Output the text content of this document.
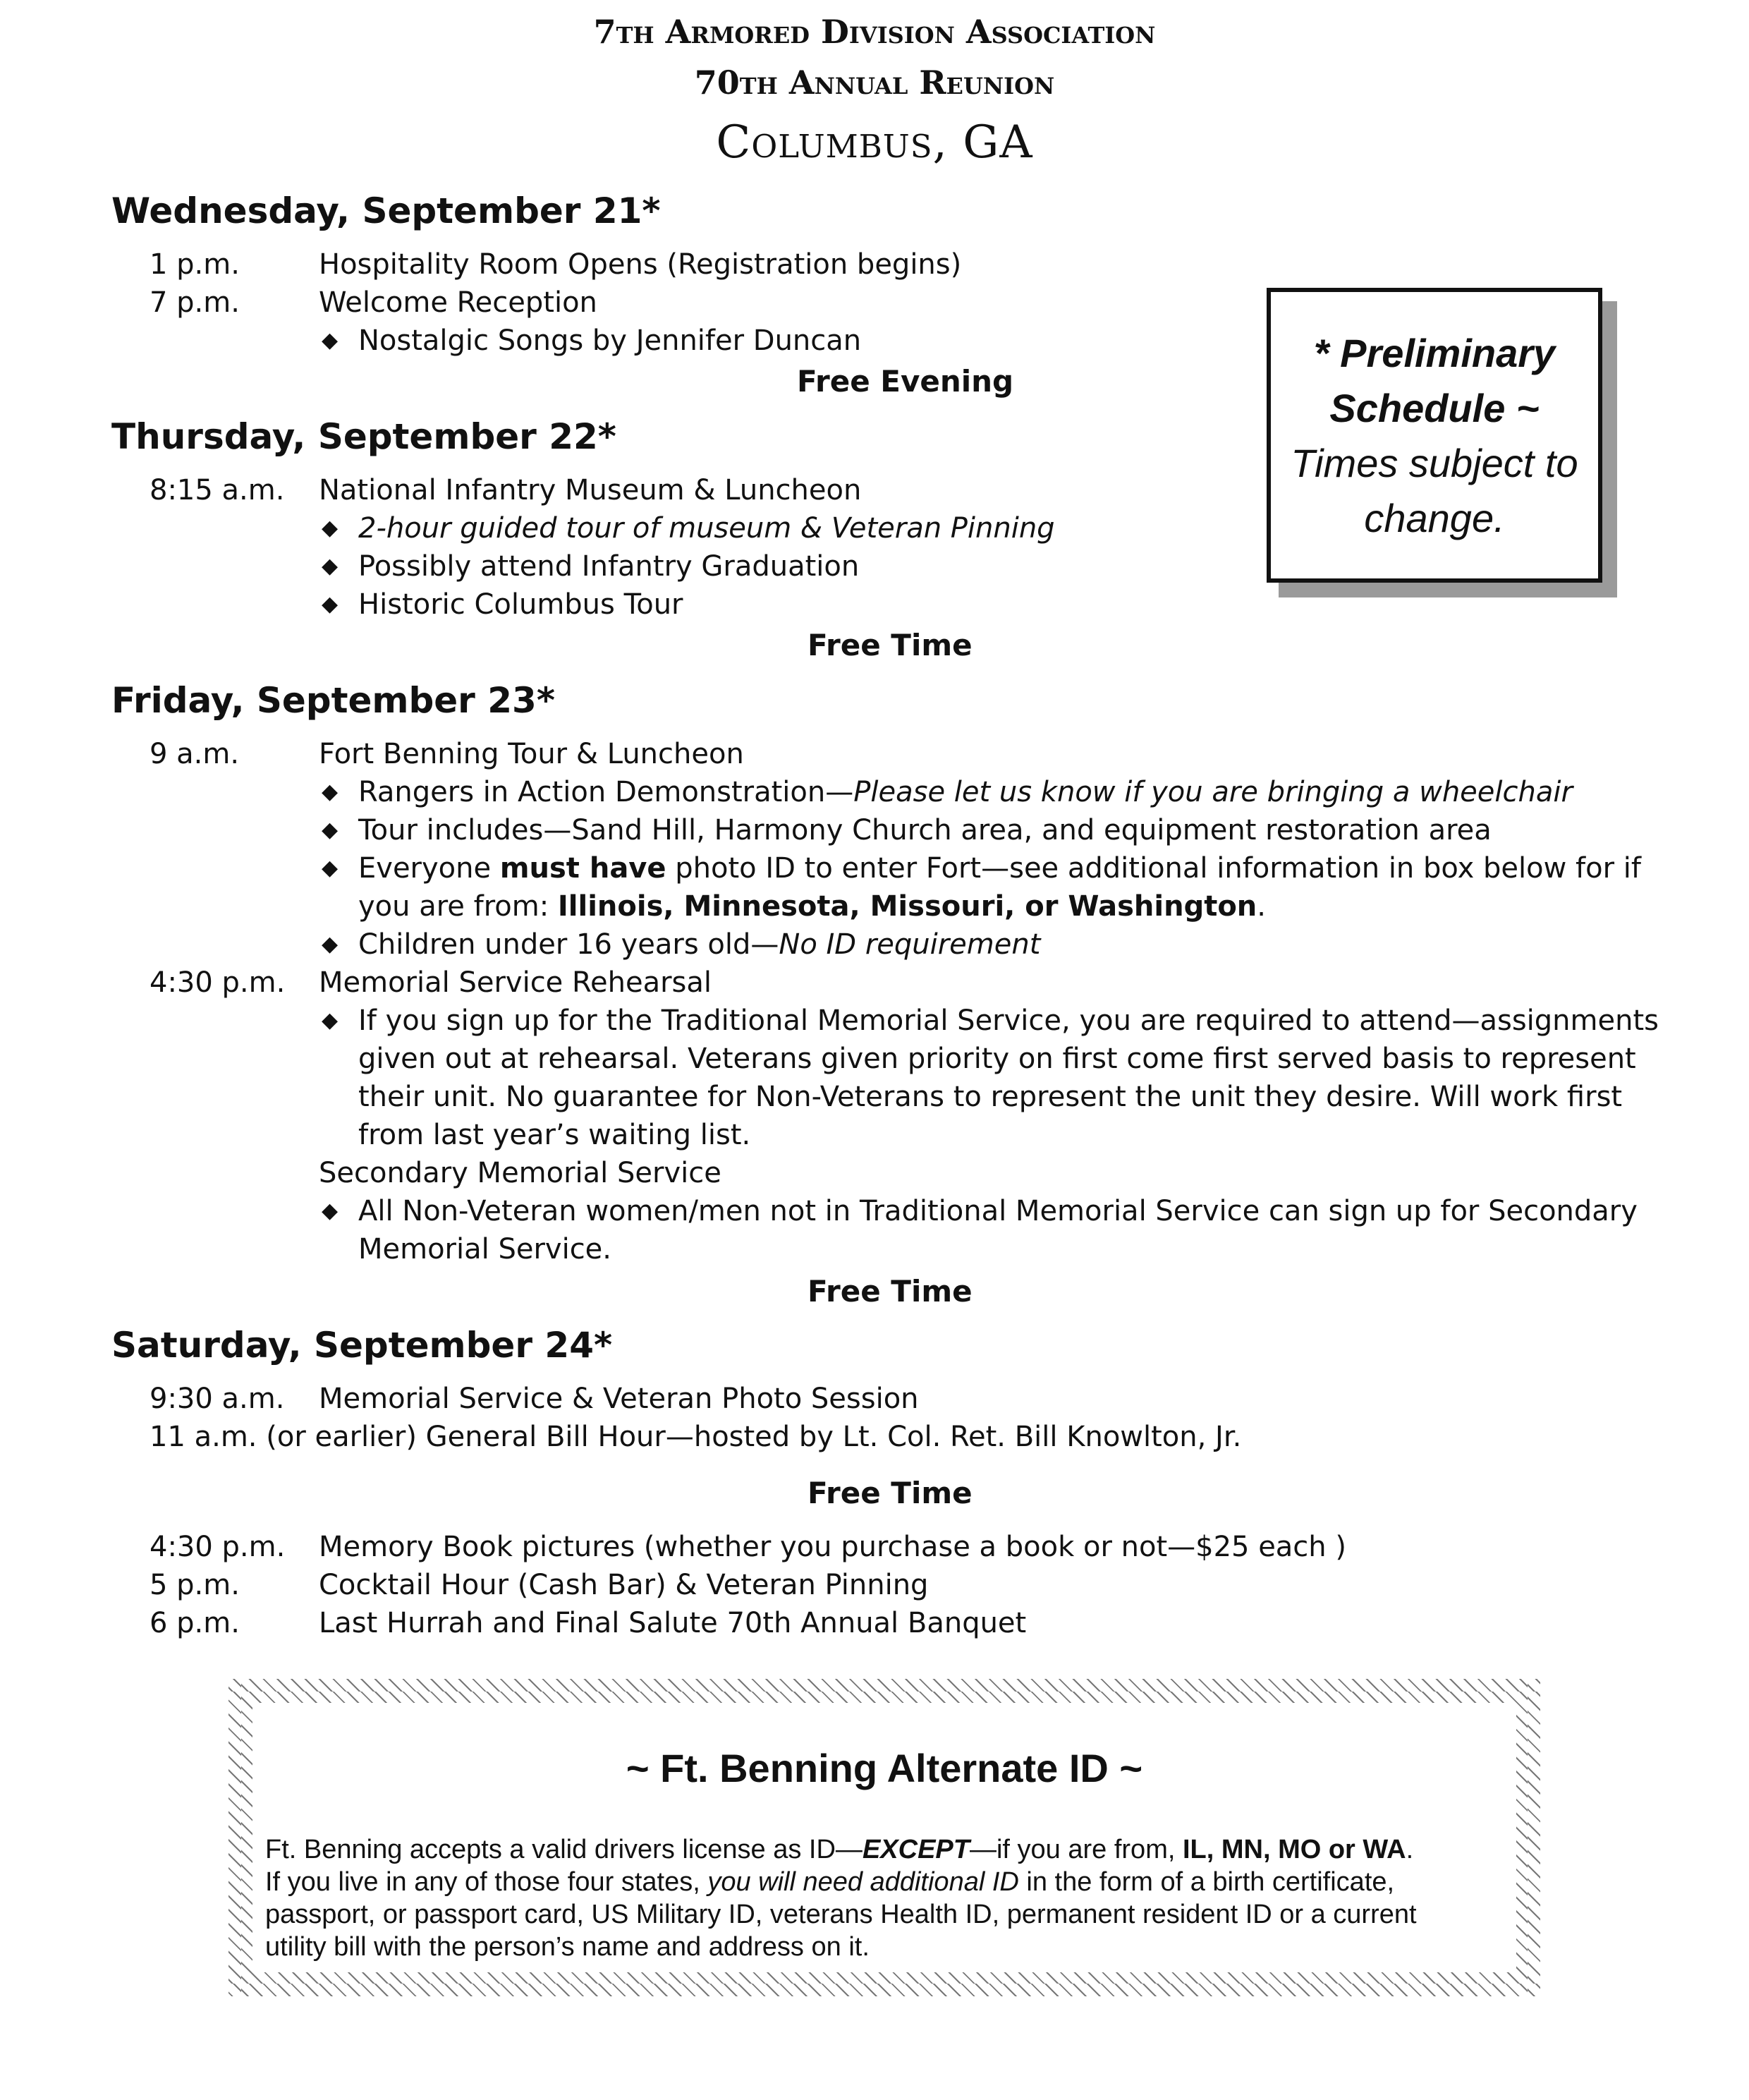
7th Armored Division Association
70th Annual Reunion
Columbus, GA
* Preliminary
Schedule ~
Times subject to
change.
Wednesday, September 21*
1 p.m.	Hospitality Room Opens (Registration begins)
7 p.m.	Welcome Reception
◆ Nostalgic Songs by Jennifer Duncan
Free Evening
Thursday, September 22*
8:15 a.m. National Infantry Museum & Luncheon
◆ 2-hour guided tour of museum & Veteran Pinning
◆ Possibly attend Infantry Graduation
◆ Historic Columbus Tour
Free Time
Friday, September 23*
9 a.m.	Fort Benning Tour & Luncheon
◆ Rangers in Action Demonstration—Please let us know if you are bringing a wheelchair
◆ Tour includes—Sand Hill, Harmony Church area, and equipment restoration area
◆ Everyone must have photo ID to enter Fort—see additional information in box below for if
you are from: Illinois, Minnesota, Missouri, or Washington.
◆ Children under 16 years old—No ID requirement
4:30 p.m. Memorial Service Rehearsal
◆ If you sign up for the Traditional Memorial Service, you are required to attend—assignments
given out at rehearsal. Veterans given priority on first come first served basis to represent
their unit. No guarantee for Non-Veterans to represent the unit they desire. Will work first
from last year’s waiting list.
Secondary Memorial Service
◆ All Non-Veteran women/men not in Traditional Memorial Service can sign up for Secondary
Memorial Service.
Free Time
Saturday, September 24*
9:30 a.m. Memorial Service & Veteran Photo Session
11 a.m. (or earlier) General Bill Hour—hosted by Lt. Col. Ret. Bill Knowlton, Jr.
Free Time
4:30 p.m. Memory Book pictures (whether you purchase a book or not—$25 each )
5 p.m.	Cocktail Hour (Cash Bar) & Veteran Pinning
6 p.m.	Last Hurrah and Final Salute 70th Annual Banquet
~ Ft. Benning Alternate ID ~
Ft. Benning accepts a valid drivers license as ID—EXCEPT—if you are from, IL, MN, MO or WA.
If you live in any of those four states, you will need additional ID in the form of a birth certificate,
passport, or passport card, US Military ID, veterans Health ID, permanent resident ID or a current
utility bill with the person’s name and address on it.
